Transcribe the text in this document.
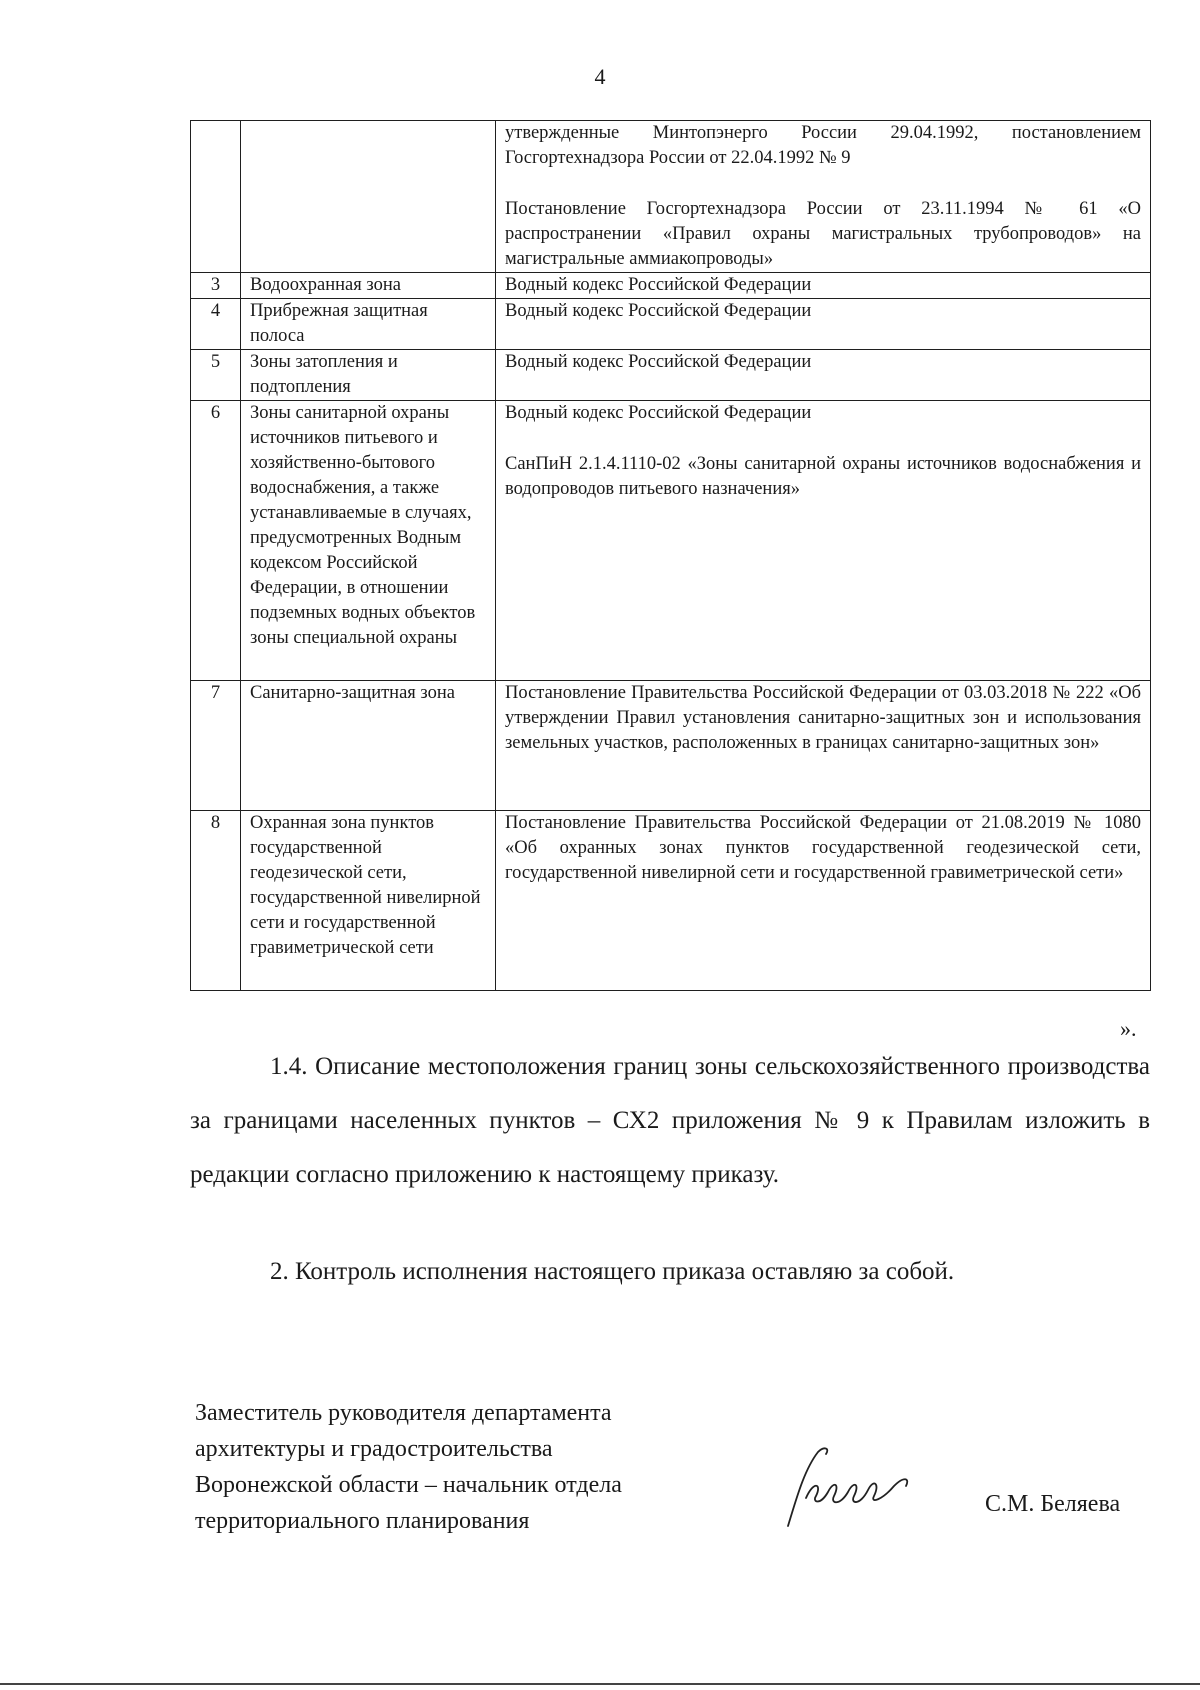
4

		утвержденные Минтопэнерго России 29.04.1992, постановлением Госгортехнадзора России от 22.04.1992 № 9

Постановление Госгортехнадзора России от 23.11.1994 № 61 «О распространении «Правил охраны магистральных трубопроводов» на магистральные аммиакопроводы»

3	Водоохранная зона	Водный кодекс Российской Федерации

4	Прибрежная защитная полоса	Водный кодекс Российской Федерации

5	Зоны затопления и подтопления	Водный кодекс Российской Федерации

6	Зоны санитарной охраны источников питьевого и хозяйственно-бытового водоснабжения, а также устанавливаемые в случаях, предусмотренных Водным кодексом Российской Федерации, в отношении подземных водных объектов зоны специальной охраны	Водный кодекс Российской Федерации

СанПиН 2.1.4.1110-02 «Зоны санитарной охраны источников водоснабжения и водопроводов питьевого назначения»

7	Санитарно-защитная зона	Постановление Правительства Российской Федерации от 03.03.2018 № 222 «Об утверждении Правил установления санитарно-защитных зон и использования земельных участков, расположенных в границах санитарно-защитных зон»

8	Охранная зона пунктов государственной геодезической сети, государственной нивелирной сети и государственной гравиметрической сети	Постановление Правительства Российской Федерации от 21.08.2019 № 1080 «Об охранных зонах пунктов государственной геодезической сети, государственной нивелирной сети и государственной гравиметрической сети»

».

1.4. Описание местоположения границ зоны сельскохозяйственного производства за границами населенных пунктов – СХ2 приложения № 9 к Правилам изложить в редакции согласно приложению к настоящему приказу.

2. Контроль исполнения настоящего приказа оставляю за собой.

Заместитель руководителя департамента
архитектуры и градостроительства
Воронежской области – начальник отдела
территориального планирования
С.М. Беляева
